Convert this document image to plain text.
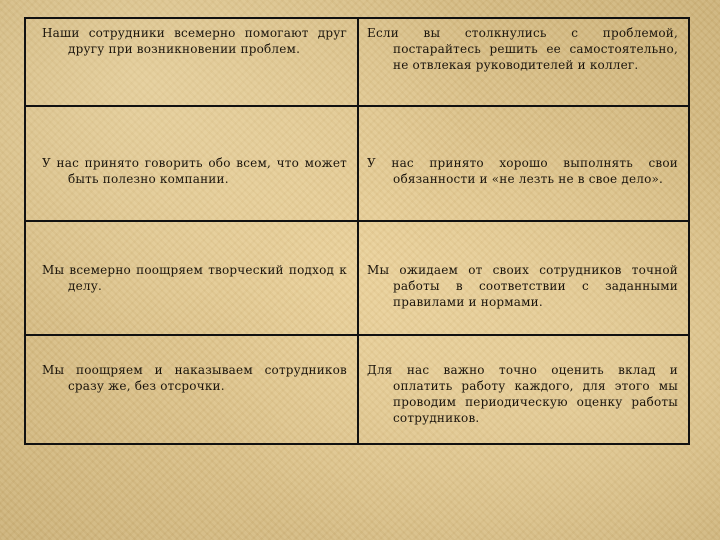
Наши сотрудники всемерно помогают друг другу при возникновении проблем.
Если вы столкнулись с проблемой, постарайтесь решить ее самостоятельно, не отвлекая руководителей и коллег.
У нас принято говорить обо всем, что может быть полезно компании.
У нас принято хорошо выполнять свои обязанности и «не лезть не в свое дело».
Мы всемерно поощряем творческий подход к делу.
Мы ожидаем от своих сотрудников точной работы в соответствии с заданными правилами и нормами.
Мы поощряем и наказываем сотрудников сразу же, без отсрочки.
Для нас важно точно оценить вклад и оплатить работу каждого, для этого мы проводим периодическую оценку работы сотрудников.
